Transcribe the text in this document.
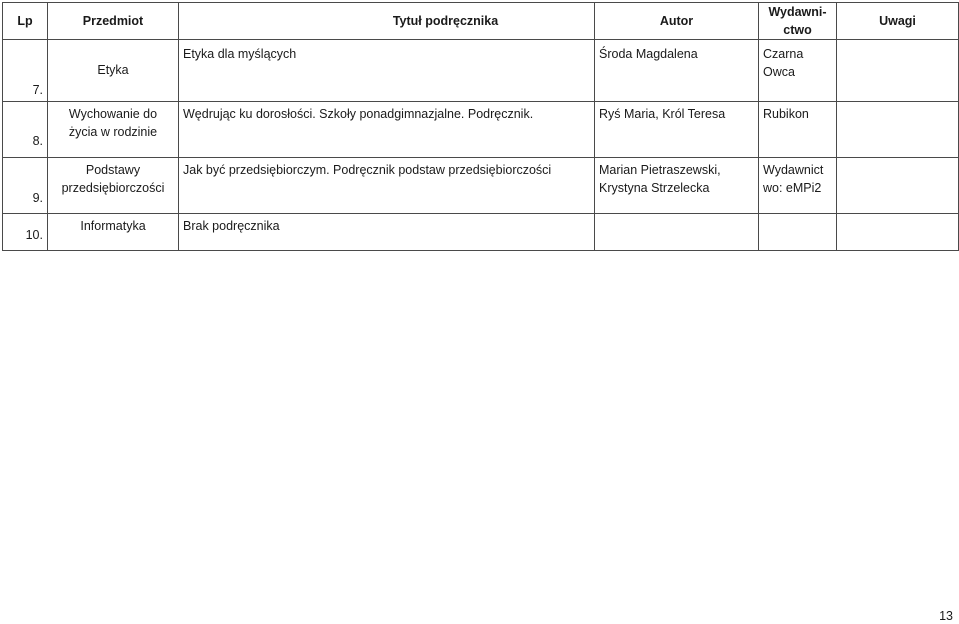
Lp	Przedmiot	Tytuł podręcznika	Autor	Wydawni-
ctwo	Uwagi
7.	Etyka	Etyka dla myślących	Środa Magdalena	Czarna
Owca	

8.	Wychowanie do
życia w rodzinie	Wędrując ku dorosłości. Szkoły ponadgimnazjalne. Podręcznik.	Ryś Maria, Król Teresa	Rubikon	

9.	Podstawy
przedsiębiorczości	Jak być przedsiębiorczym. Podręcznik podstaw przedsiębiorczości	Marian Pietraszewski,
Krystyna Strzelecka	Wydawnict
wo: eMPi2	

10.	Informatyka	Brak podręcznika	

13
